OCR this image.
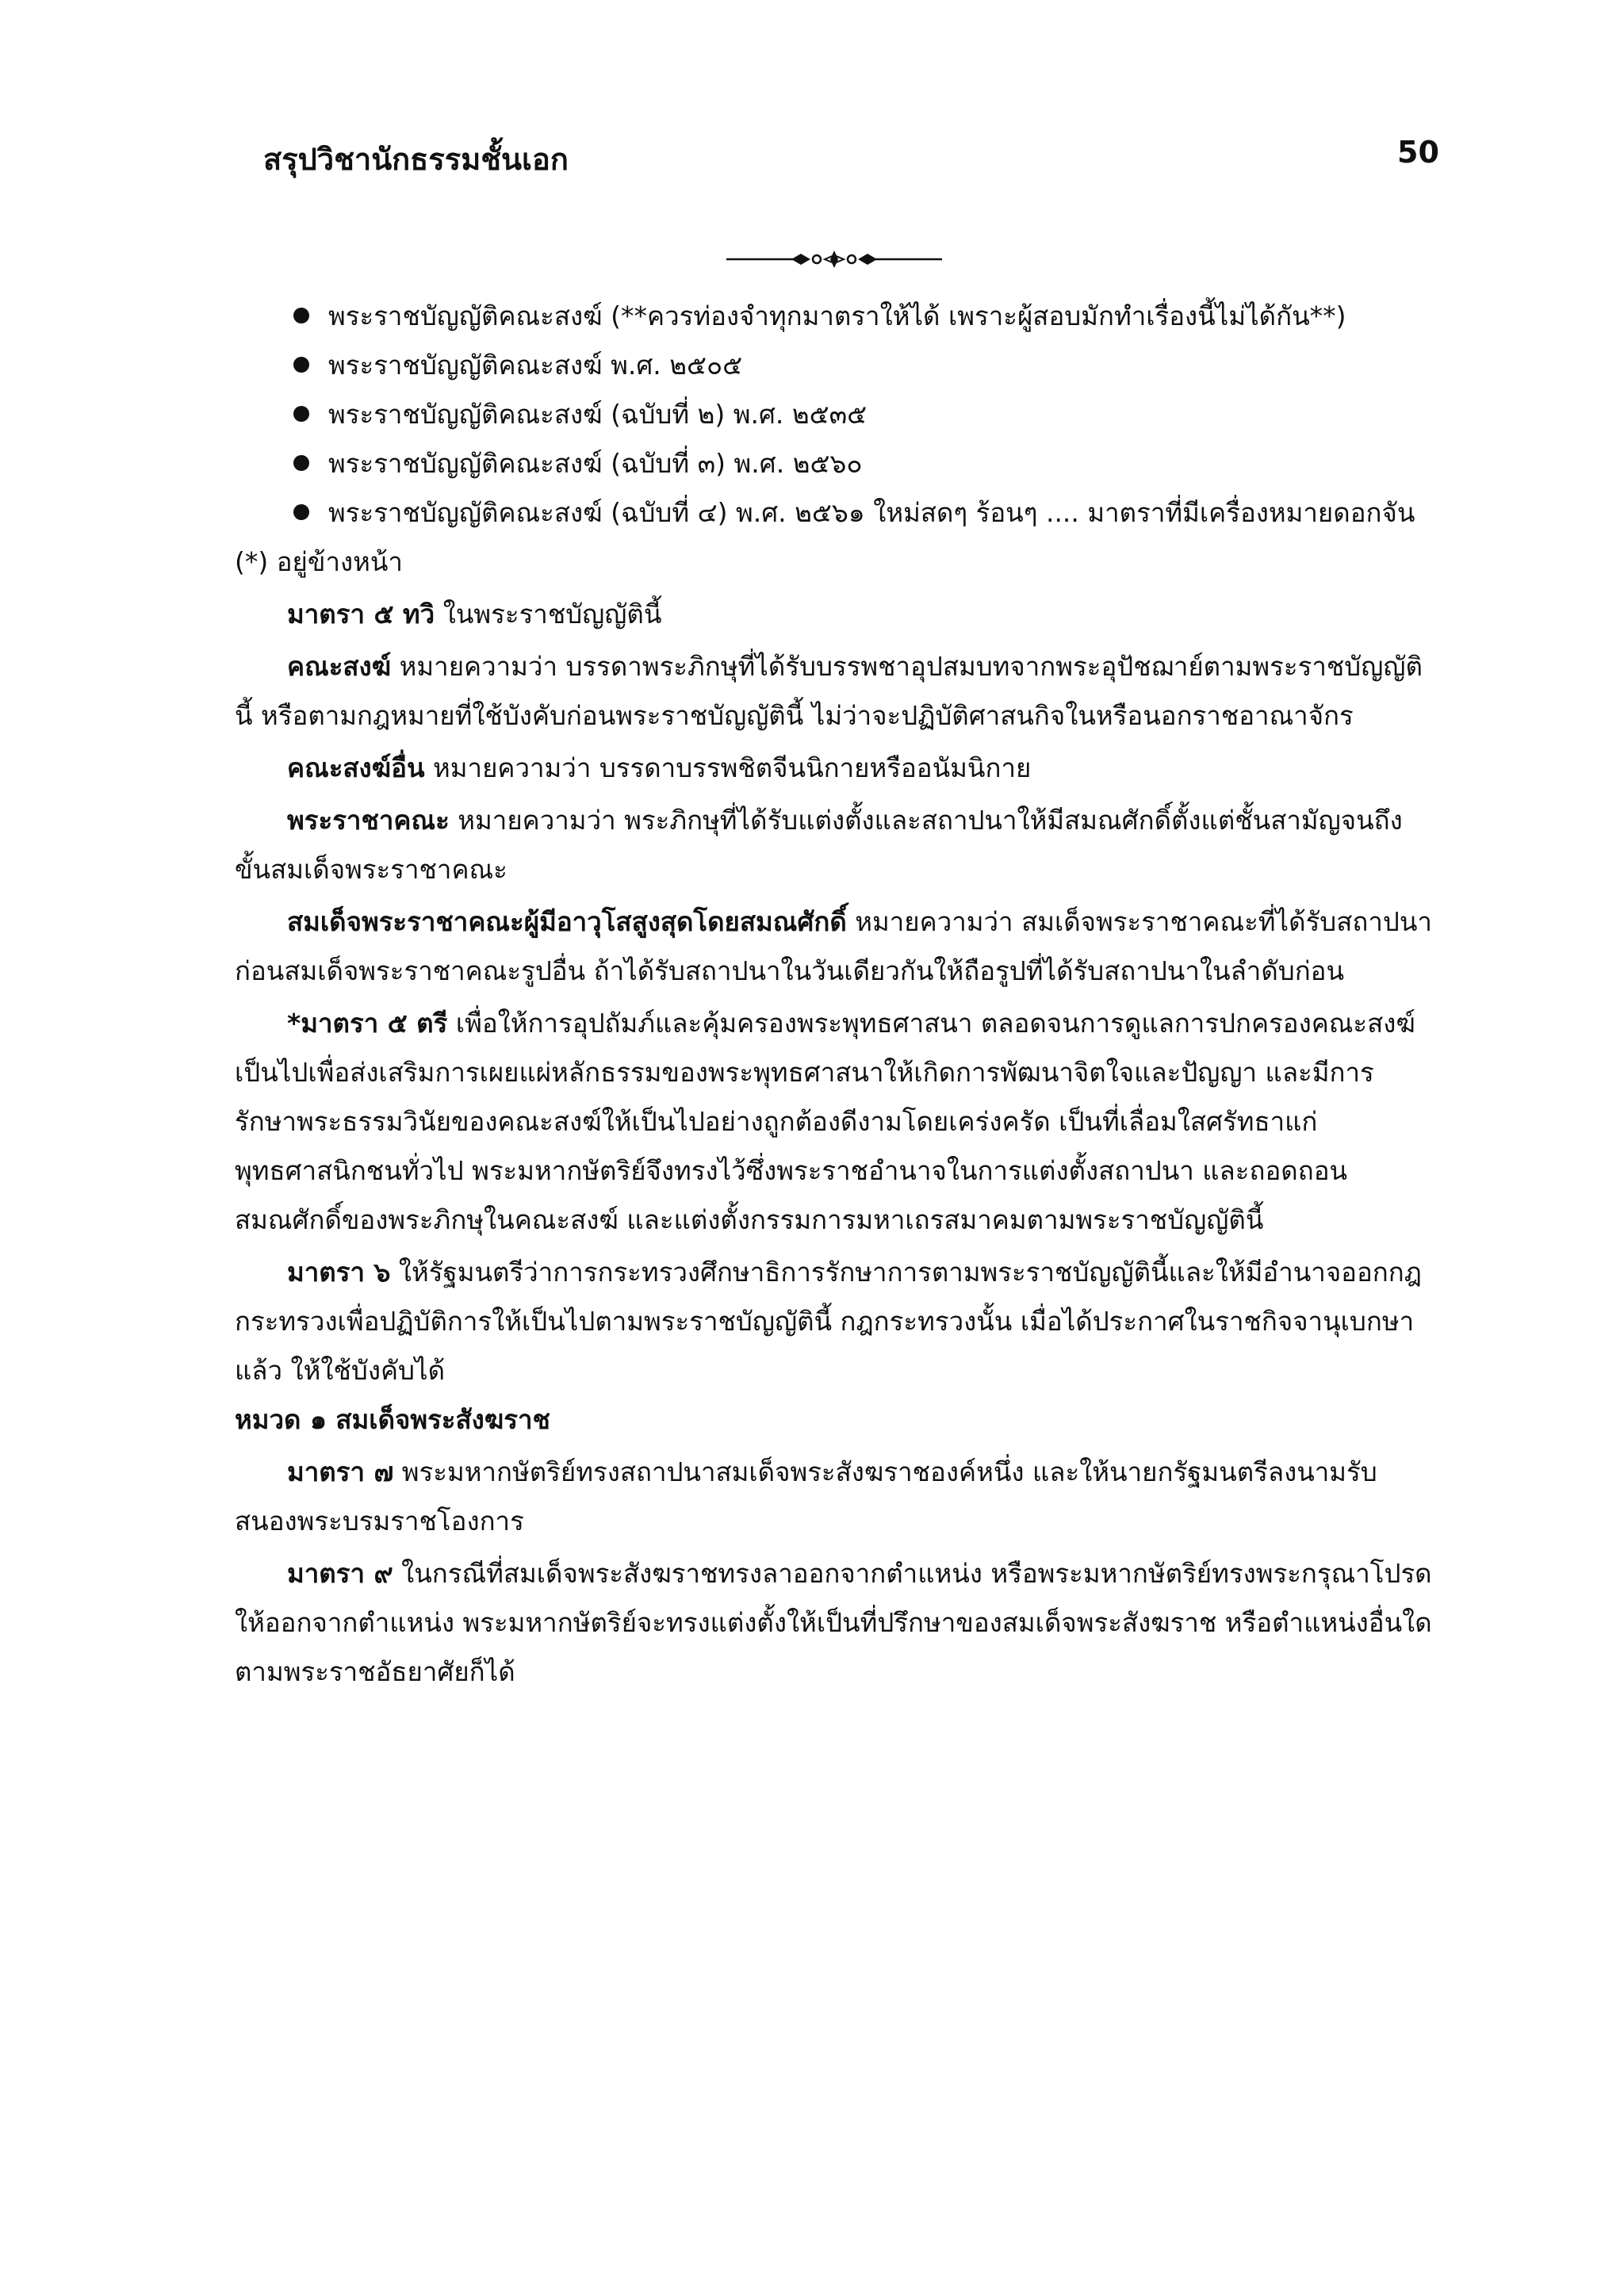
สรุปวิชานักธรรมชั้นเอก	50
พระราชบัญญัติคณะสงฆ์ (**ควรท่องจำทุกมาตราให้ได้ เพราะผู้สอบมักทำเรื่องนี้ไม่ได้กัน**)
พระราชบัญญัติคณะสงฆ์ พ.ศ. ๒๕๐๕
พระราชบัญญัติคณะสงฆ์ (ฉบับที่ ๒) พ.ศ. ๒๕๓๕
พระราชบัญญัติคณะสงฆ์ (ฉบับที่ ๓) พ.ศ. ๒๕๖๐
พระราชบัญญัติคณะสงฆ์ (ฉบับที่ ๔) พ.ศ. ๒๕๖๑ ใหม่สดๆ ร้อนๆ .... มาตราที่มีเครื่องหมายดอกจัน (*) อยู่ข้างหน้า

มาตรา ๕ ทวิ ในพระราชบัญญัตินี้

คณะสงฆ์ หมายความว่า บรรดาพระภิกษุที่ได้รับบรรพชาอุปสมบทจากพระอุปัชฌาย์ตามพระราชบัญญัตินี้ หรือตามกฎหมายที่ใช้บังคับก่อนพระราชบัญญัตินี้ ไม่ว่าจะปฏิบัติศาสนกิจในหรือนอกราชอาณาจักร

คณะสงฆ์อื่น หมายความว่า บรรดาบรรพชิตจีนนิกายหรืออนัมนิกาย

พระราชาคณะ หมายความว่า พระภิกษุที่ได้รับแต่งตั้งและสถาปนาให้มีสมณศักดิ์ตั้งแต่ชั้นสามัญจนถึงขั้นสมเด็จพระราชาคณะ

สมเด็จพระราชาคณะผู้มีอาวุโสสูงสุดโดยสมณศักดิ์ หมายความว่า สมเด็จพระราชาคณะที่ได้รับสถาปนาก่อนสมเด็จพระราชาคณะรูปอื่น ถ้าได้รับสถาปนาในวันเดียวกันให้ถือรูปที่ได้รับสถาปนาในลำดับก่อน

*มาตรา ๕ ตรี เพื่อให้การอุปถัมภ์และคุ้มครองพระพุทธศาสนา ตลอดจนการดูแลการปกครองคณะสงฆ์เป็นไปเพื่อส่งเสริมการเผยแผ่หลักธรรมของพระพุทธศาสนาให้เกิดการพัฒนาจิตใจและปัญญา และมีการรักษาพระธรรมวินัยของคณะสงฆ์ให้เป็นไปอย่างถูกต้องดีงามโดยเคร่งครัด เป็นที่เลื่อมใสศรัทธาแก่พุทธศาสนิกชนทั่วไป พระมหากษัตริย์จึงทรงไว้ซึ่งพระราชอำนาจในการแต่งตั้งสถาปนา และถอดถอนสมณศักดิ์ของพระภิกษุในคณะสงฆ์ และแต่งตั้งกรรมการมหาเถรสมาคมตามพระราชบัญญัตินี้

มาตรา ๖ ให้รัฐมนตรีว่าการกระทรวงศึกษาธิการรักษาการตามพระราชบัญญัตินี้และให้มีอำนาจออกกฎกระทรวงเพื่อปฏิบัติการให้เป็นไปตามพระราชบัญญัตินี้ กฎกระทรวงนั้น เมื่อได้ประกาศในราชกิจจานุเบกษาแล้ว ให้ใช้บังคับได้

หมวด ๑ สมเด็จพระสังฆราช

มาตรา ๗ พระมหากษัตริย์ทรงสถาปนาสมเด็จพระสังฆราชองค์หนึ่ง และให้นายกรัฐมนตรีลงนามรับสนองพระบรมราชโองการ

มาตรา ๙ ในกรณีที่สมเด็จพระสังฆราชทรงลาออกจากตำแหน่ง หรือพระมหากษัตริย์ทรงพระกรุณาโปรดให้ออกจากตำแหน่ง พระมหากษัตริย์จะทรงแต่งตั้งให้เป็นที่ปรึกษาของสมเด็จพระสังฆราช หรือตำแหน่งอื่นใดตามพระราชอัธยาศัยก็ได้
